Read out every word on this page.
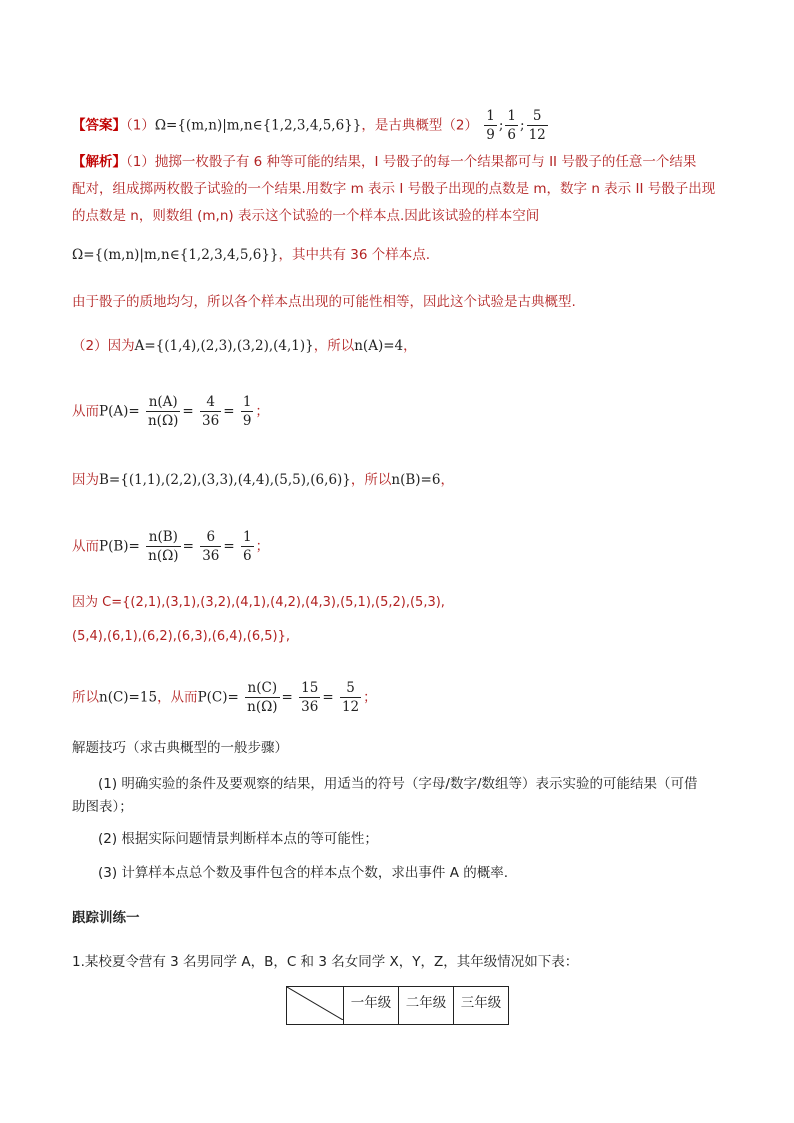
【答案】（1）Ω={(m,n)|m,n∈{1,2,3,4,5,6}}，是古典概型$(2) \frac{1}{9}$ ; $\frac{1}{6}$ ; $\frac{5}{12}$
【解析】（1）抛掷一枚骰子有 6 种等可能的结果，I 号骰子的每一个结果都可与 II 号骰子的任意一个结果
配对，组成掷两枚骰子试验的一个结果.用数字 m 表示 I 号骰子出现的点数是 m，数字 n 表示 II 号骰子出现
的点数是 n，则数组 (m,n) 表示这个试验的一个样本点.因此该试验的样本空间
Ω={(m,n)|m,n∈{1,2,3,4,5,6}}，其中共有 36 个样本点.
由于骰子的质地均匀，所以各个样本点出现的可能性相等，因此这个试验是古典概型.
（2）因为A={(1,4),(2,3),(3,2),(4,1)}，所以n(A)=4，
从而$P(A)= \frac{n(A)}{n(\Omega)} = \frac{4}{36} = \frac{1}{9}$ ；
因为B={(1,1),(2,2),(3,3),(4,4),(5,5),(6,6)}，所以n(B)=6，
从而$P(B)= \frac{n(B)}{n(\Omega)} = \frac{6}{36} = \frac{1}{6}$ ；
因为 C={(2,1),(3,1),(3,2),(4,1),(4,2),(4,3),(5,1),(5,2),(5,3),
(5,4),(6,1),(6,2),(6,3),(6,4),(6,5)},
所以n(C)=15，从而$P(C)= \frac{n(C)}{n(\Omega)} = \frac{15}{36} = \frac{5}{12}$ ；
解题技巧（求古典概型的一般步骤）
(1) 明确实验的条件及要观察的结果，用适当的符号（字母/数字/数组等）表示实验的可能结果（可借
助图表）；
(2) 根据实际问题情景判断样本点的等可能性；
(3) 计算样本点总个数及事件包含的样本点个数，求出事件 A 的概率.
跟踪训练一
1.某校夏令营有 3 名男同学 A，B，C 和 3 名女同学 X，Y，Z，其年级情况如下表：
	一年级	二年级	三年级
